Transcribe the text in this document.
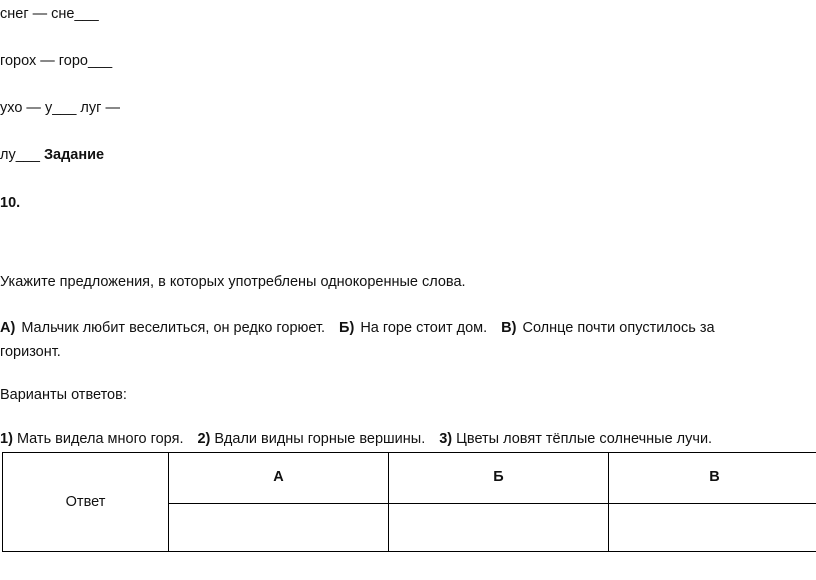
снег — сне___
горох — горо___
ухо — у___ луг —
лу___ Задание
10.
Укажите предложения, в которых употреблены однокоренные слова.
А) Мальчик любит веселиться, он редко горюет. Б) На горе стоит дом. В) Солнце почти опустилось за
горизонт.
Варианты ответов:
1) Мать видела много горя. 2) Вдали видны горные вершины. 3) Цветы ловят тёплые солнечные лучи.
Ответ	А	Б	В
